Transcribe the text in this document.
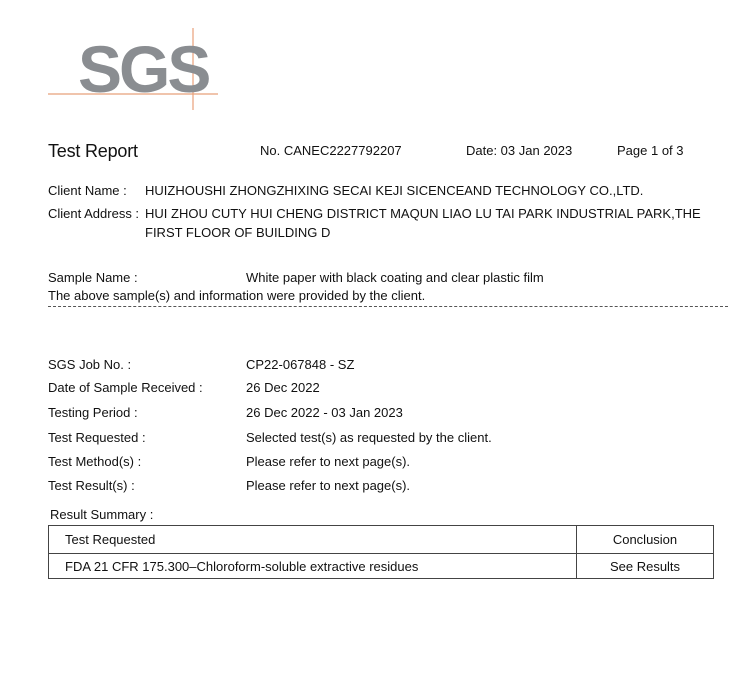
SGS
Test Report	No. CANEC2227792207	Date: 03 Jan 2023	Page 1 of 3
Client Name : HUIZHOUSHI ZHONGZHIXING SECAI KEJI SICENCEAND TECHNOLOGY CO.,LTD.
Client Address : HUI ZHOU CUTY HUI CHENG DISTRICT MAQUN LIAO LU TAI PARK INDUSTRIAL PARK,THE
FIRST FLOOR OF BUILDING D
Sample Name :	White paper with black coating and clear plastic film
The above sample(s) and information were provided by the client.
SGS Job No. :	CP22-067848 - SZ
Date of Sample Received :	26 Dec 2022
Testing Period :	26 Dec 2022 - 03 Jan 2023
Test Requested :	Selected test(s) as requested by the client.
Test Method(s) :	Please refer to next page(s).
Test Result(s) :	Please refer to next page(s).
Result Summary :
Test Requested	Conclusion
FDA 21 CFR 175.300–Chloroform-soluble extractive residues	See Results
